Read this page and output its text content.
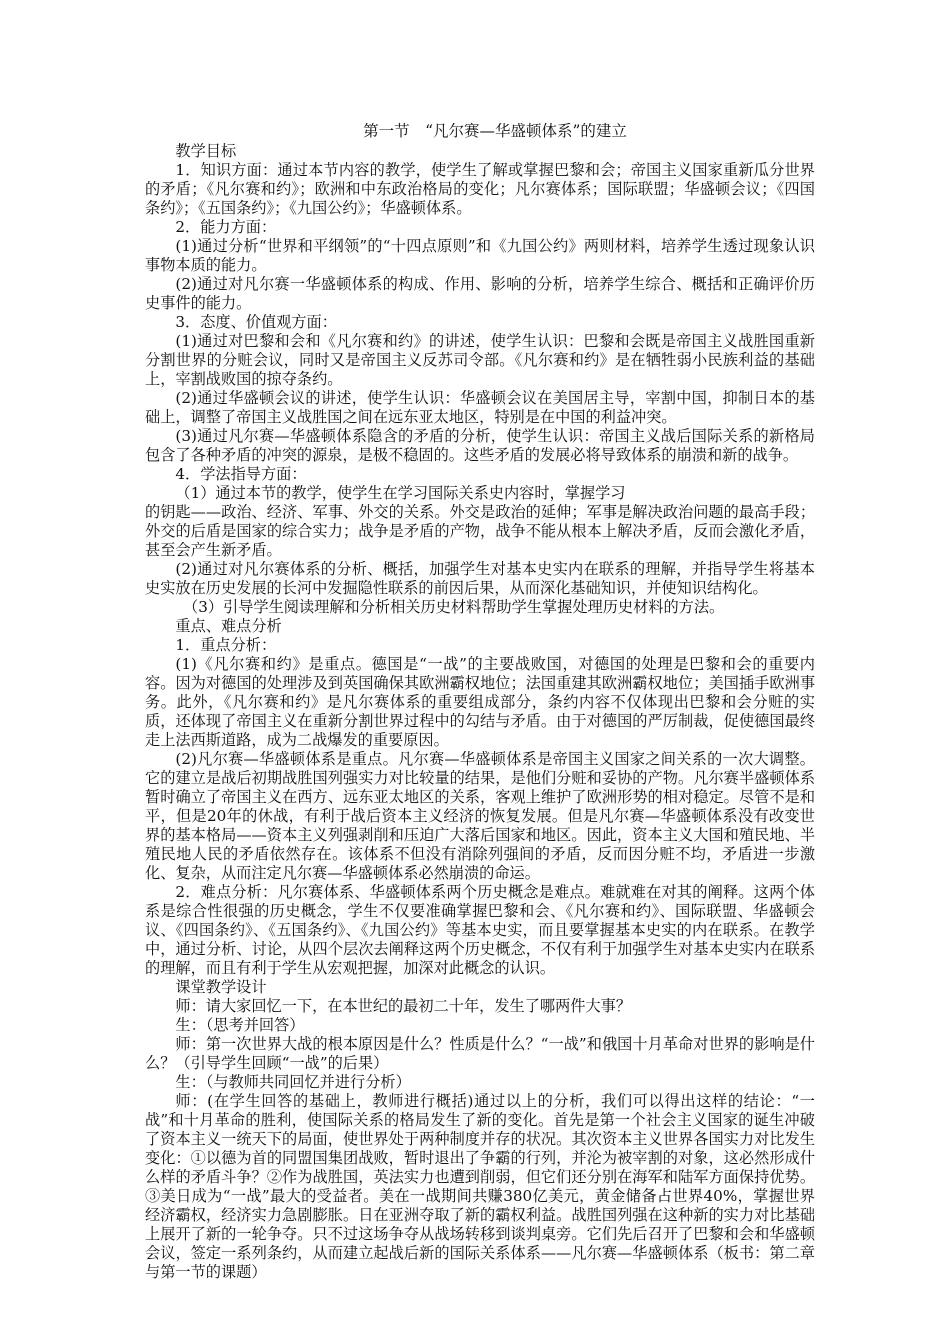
第一节　“凡尔赛—华盛顿体系”的建立

教学目标

1．知识方面：通过本节内容的教学，使学生了解或掌握巴黎和会；帝国主义国家重新瓜分世界的矛盾；《凡尔赛和约》；欧洲和中东政治格局的变化；凡尔赛体系；国际联盟；华盛顿会议；《四国条约》；《五国条约》；《九国公约》；华盛顿体系。

2．能力方面：

(1)通过分析“世界和平纲领”的“十四点原则”和《九国公约》两则材料，培养学生透过现象认识事物本质的能力。

(2)通过对凡尔赛一华盛顿体系的构成、作用、影响的分析，培养学生综合、概括和正确评价历史事件的能力。

3．态度、价值观方面：

(1)通过对巴黎和会和《凡尔赛和约》的讲述，使学生认识：巴黎和会既是帝国主义战胜国重新分割世界的分赃会议，同时又是帝国主义反苏司令部。《凡尔赛和约》是在牺牲弱小民族利益的基础上，宰割战败国的掠夺条约。

(2)通过华盛顿会议的讲述，使学生认识：华盛顿会议在美国居主导，宰割中国，抑制日本的基础上，调整了帝国主义战胜国之间在远东亚太地区，特别是在中国的利益冲突。

(3)通过凡尔赛—华盛顿体系隐含的矛盾的分析，使学生认识：帝国主义战后国际关系的新格局包含了各种矛盾的冲突的源泉，是极不稳固的。这些矛盾的发展必将导致体系的崩溃和新的战争。

4．学法指导方面：

（1）通过本节的教学，使学生在学习国际关系史内容时，掌握学习

的钥匙——政治、经济、军事、外交的关系。外交是政治的延伸；军事是解决政治问题的最高手段；外交的后盾是国家的综合实力；战争是矛盾的产物，战争不能从根本上解决矛盾，反而会激化矛盾，甚至会产生新矛盾。

(2)通过对凡尔赛体系的分析、概括，加强学生对基本史实内在联系的理解，并指导学生将基本史实放在历史发展的长河中发掘隐性联系的前因后果，从而深化基础知识，并使知识结构化。

（3）引导学生阅读理解和分析相关历史材料帮助学生掌握处理历史材料的方法。

重点、难点分析

1．重点分析：

(1)《凡尔赛和约》是重点。德国是“一战”的主要战败国，对德国的处理是巴黎和会的重要内容。因为对德国的处理涉及到英国确保其欧洲霸权地位；法国重建其欧洲霸权地位；美国插手欧洲事务。此外，《凡尔赛和约》是凡尔赛体系的重要组成部分，条约内容不仅体现出巴黎和会分赃的实质，还体现了帝国主义在重新分割世界过程中的勾结与矛盾。由于对德国的严厉制裁，促使德国最终走上法西斯道路，成为二战爆发的重要原因。

(2)凡尔赛—华盛顿体系是重点。凡尔赛—华盛顿体系是帝国主义国家之间关系的一次大调整。它的建立是战后初期战胜国列强实力对比较量的结果，是他们分赃和妥协的产物。凡尔赛半盛顿体系暂时确立了帝国主义在西方、远东亚太地区的关系，客观上维护了欧洲形势的相对稳定。尽管不是和平，但是20年的休战，有利于战后资本主义经济的恢复发展。但是凡尔赛—华盛顿体系没有改变世界的基本格局——资本主义列强剥削和压迫广大落后国家和地区。因此，资本主义大国和殖民地、半殖民地人民的矛盾依然存在。该体系不但没有消除列强间的矛盾，反而因分赃不均，矛盾进一步激化、复杂，从而注定凡尔赛—华盛顿体系必然崩溃的命运。

2．难点分析：凡尔赛体系、华盛顿体系两个历史概念是难点。难就难在对其的阐释。这两个体系是综合性很强的历史概念，学生不仅要准确掌握巴黎和会、《凡尔赛和约》、国际联盟、华盛顿会议、《四国条约》、《五国条约》、《九国公约》等基本史实，而且要掌握基本史实的内在联系。在教学中，通过分析、讨论，从四个层次去阐释这两个历史概念，不仅有利于加强学生对基本史实内在联系的理解，而且有利于学生从宏观把握，加深对此概念的认识。

课堂教学设计

师：请大家回忆一下，在本世纪的最初二十年，发生了哪两件大事？

生：（思考并回答）

师：第一次世界大战的根本原因是什么？性质是什么？“一战”和俄国十月革命对世界的影响是什么？（引导学生回顾“一战”的后果）

生：（与教师共同回忆并进行分析）

师：(在学生回答的基础上，教师进行概括)通过以上的分析，我们可以得出这样的结论：“一战”和十月革命的胜利，使国际关系的格局发生了新的变化。首先是第一个社会主义国家的诞生冲破了资本主义一统天下的局面，使世界处于两种制度并存的状况。其次资本主义世界各国实力对比发生变化：①以德为首的同盟国集团战败，暂时退出了争霸的行列，并沦为被宰割的对象，这必然形成什么样的矛盾斗争？②作为战胜国，英法实力也遭到削弱，但它们还分别在海军和陆军方面保持优势。③美日成为“一战”最大的受益者。美在一战期间共赚380亿美元，黄金储备占世界40%，掌握世界经济霸权，经济实力急剧膨胀。日在亚洲夺取了新的霸权利益。战胜国列强在这种新的实力对比基础上展开了新的一轮争夺。只不过这场争夺从战场转移到谈判桌旁。它们先后召开了巴黎和会和华盛顿会议，签定一系列条约，从而建立起战后新的国际关系体系——凡尔赛—华盛顿体系（板书：第二章与第一节的课题）
